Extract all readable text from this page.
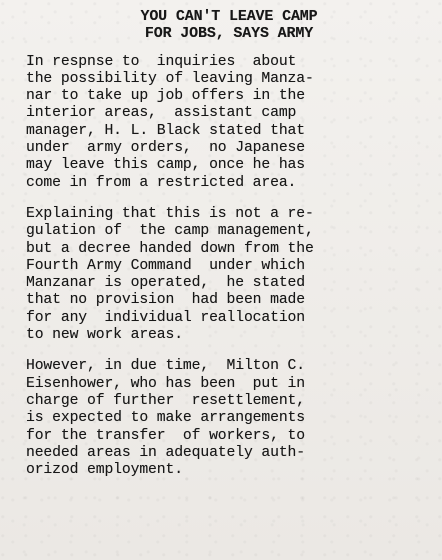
YOU CAN'T LEAVE CAMP
FOR JOBS, SAYS ARMY
In respnse to  inquiries  about
the possibility of leaving Manza-
nar to take up job offers in the
interior areas,  assistant camp
manager, H. L. Black stated that
under  army orders,  no Japanese
may leave this camp, once he has
come in from a restricted area.
Explaining that this is not a re-
gulation of  the camp management,
but a decree handed down from the
Fourth Army Command  under which
Manzanar is operated,  he stated
that no provision  had been made
for any  individual reallocation
to new work areas.
However, in due time,  Milton C.
Eisenhower, who has been  put in
charge of further  resettlement,
is expected to make arrangements
for the transfer  of workers, to
needed areas in adequately auth-
orizod employment.
